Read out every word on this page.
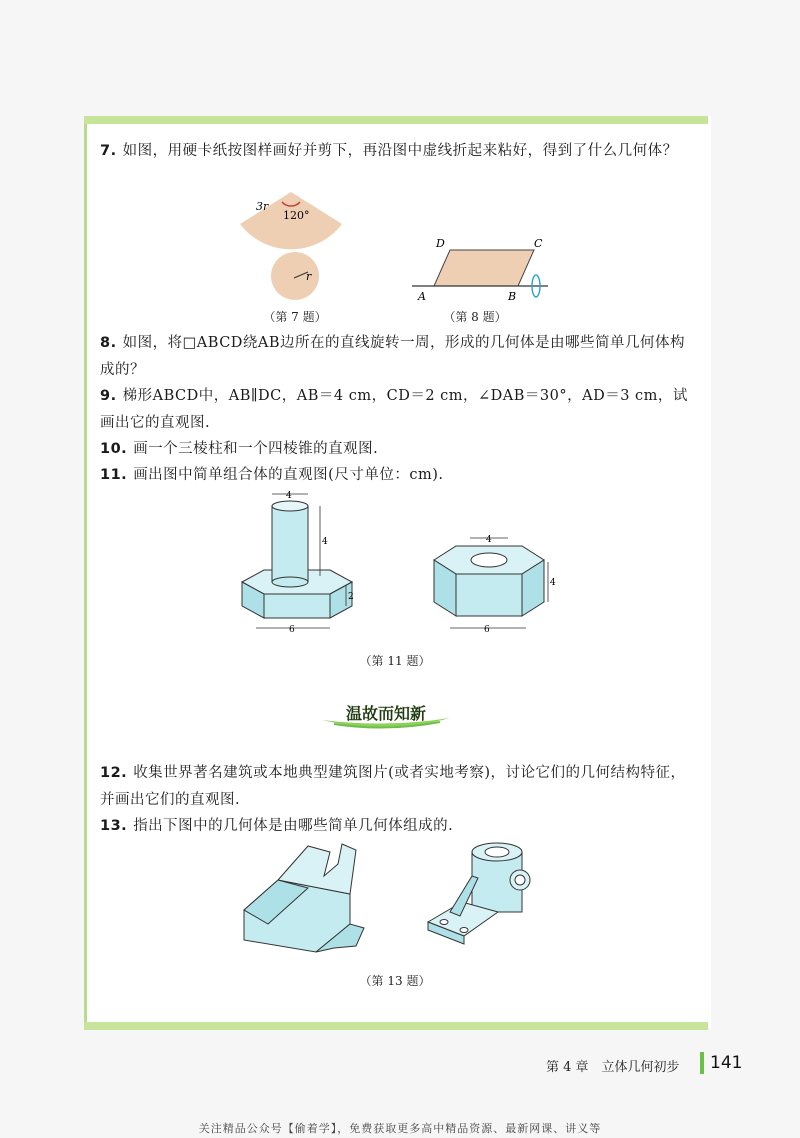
7. 如图，用硬卡纸按图样画好并剪下，再沿图中虚线折起来粘好，得到了什么几何体？
3r
120°
r
（第 7 题）
D	C
A	B
（第 8 题）
8. 如图，将□ABCD绕AB边所在的直线旋转一周，形成的几何体是由哪些简单几何体构成的？
9. 梯形ABCD中，AB∥DC，AB＝4 cm，CD＝2 cm，∠DAB＝30°，AD＝3 cm，试画出它的直观图.
10. 画一个三棱柱和一个四棱锥的直观图.
11. 画出图中简单组合体的直观图(尺寸单位：cm).
4
4
2
6
4
4
6
（第 11 题）
温故而知新
12. 收集世界著名建筑或本地典型建筑图片(或者实地考察)，讨论它们的几何结构特征，并画出它们的直观图.
13. 指出下图中的几何体是由哪些简单几何体组成的.
（第 13 题）
第 4 章　立体几何初步 141
关注精品公众号【偷着学】，免费获取更多高中精品资源、最新网课、讲义等
